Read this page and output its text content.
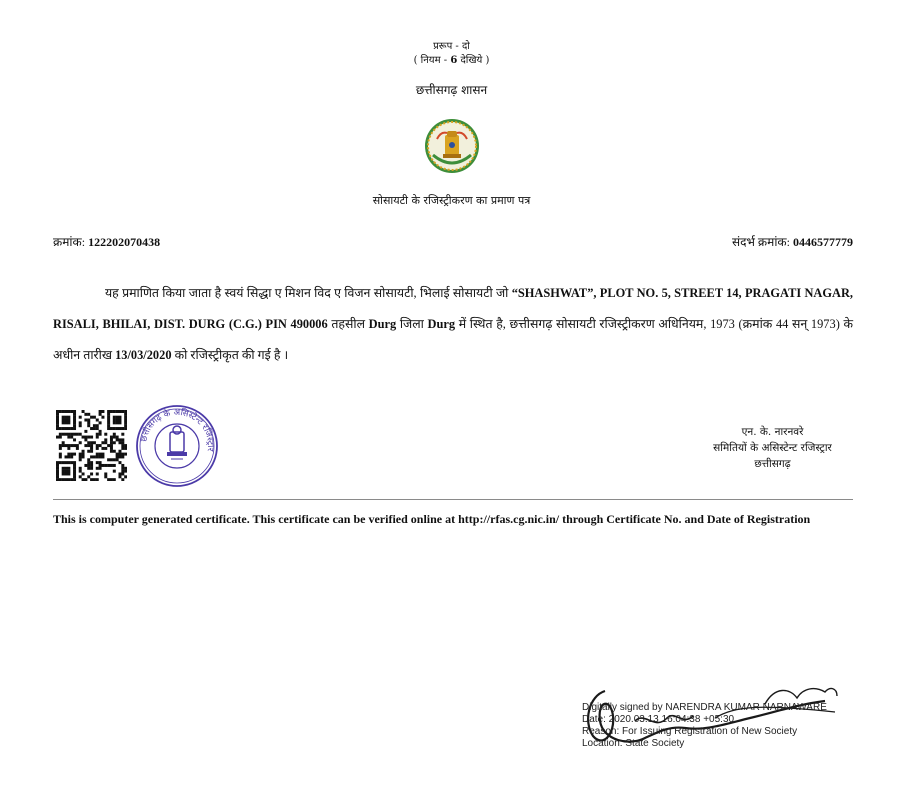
प्ररूप - दो
( नियम - 6 देखिये )
छत्तीसगढ़ शासन
सोसायटी के रजिस्ट्रीकरण का प्रमाण पत्र
क्रमांक: 122202070438	संदर्भ क्रमांक: 0446577779
यह प्रमाणित किया जाता है स्वयं सिद्धा ए मिशन विद ए विजन सोसायटी, भिलाई सोसायटी जो “SHASHWAT”, PLOT NO. 5, STREET 14, PRAGATI NAGAR, RISALI, BHILAI, DIST. DURG (C.G.) PIN 490006 तहसील Durg जिला Durg में स्थित है, छत्तीसगढ़ सोसायटी रजिस्ट्रीकरण अधिनियम, 1973 (क्रमांक 44 सन् 1973) के अधीन तारीख 13/03/2020 को रजिस्ट्रीकृत की गई है ।
छत्तीसगढ़ के असिस्टेन्ट रजिस्ट्रार
एन. के. नारनवरे
समितियों के असिस्टेन्ट रजिस्ट्रार
छत्तीसगढ़
This is computer generated certificate. This certificate can be verified online at http://rfas.cg.nic.in/ through Certificate No. and Date of Registration
Digitally signed by NARENDRA KUMAR NARNAWARE
Date: 2020.03.13 16:04:38 +05:30
Reason: For Issuing Registration of New Society
Location: State Society
